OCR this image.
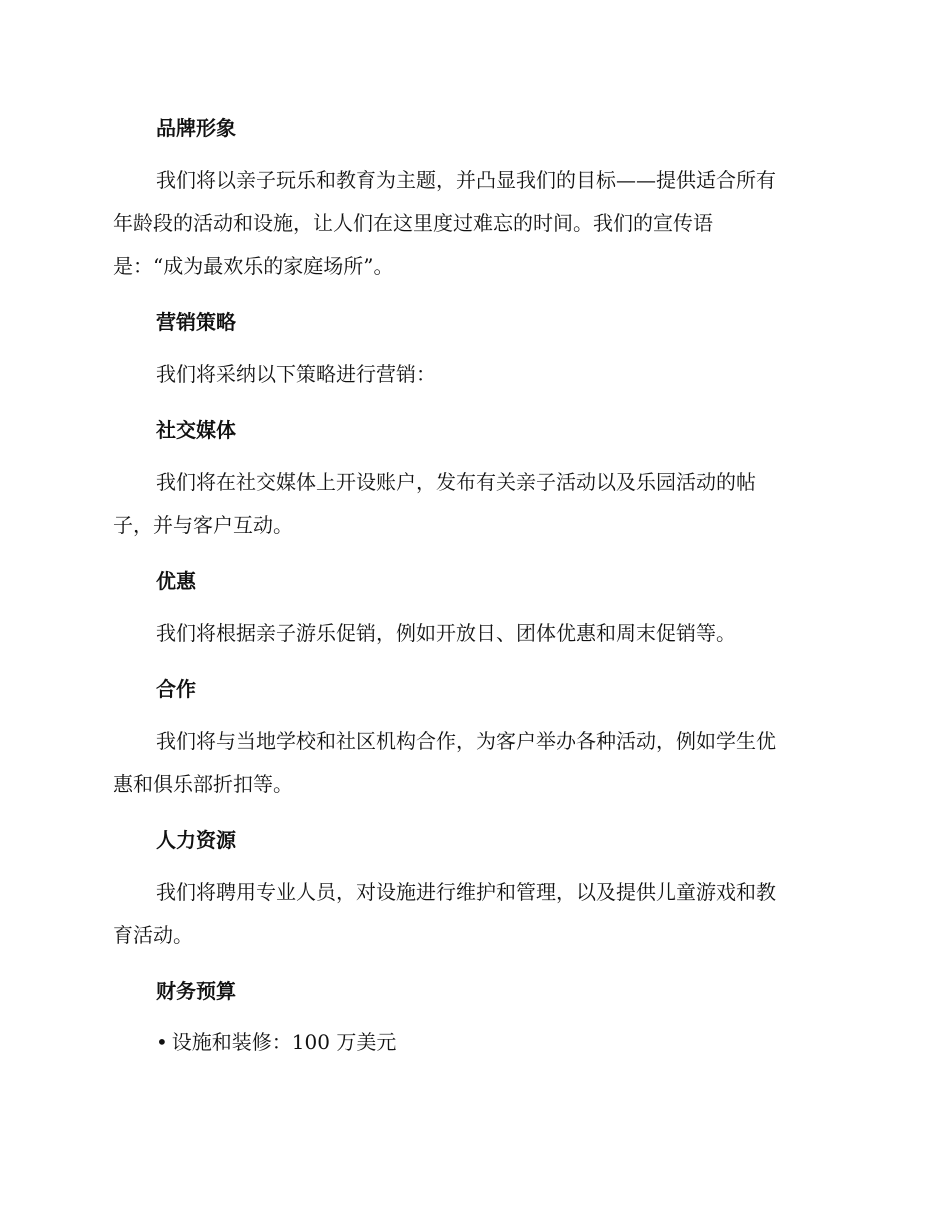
品牌形象

我们将以亲子玩乐和教育为主题，并凸显我们的目标——提供适合所有
年龄段的活动和设施，让人们在这里度过难忘的时间。我们的宣传语
是：“成为最欢乐的家庭场所”。

营销策略

我们将采纳以下策略进行营销：

社交媒体

我们将在社交媒体上开设账户，发布有关亲子活动以及乐园活动的帖
子，并与客户互动。

优惠

我们将根据亲子游乐促销，例如开放日、团体优惠和周末促销等。

合作

我们将与当地学校和社区机构合作，为客户举办各种活动，例如学生优
惠和俱乐部折扣等。

人力资源

我们将聘用专业人员，对设施进行维护和管理，以及提供儿童游戏和教
育活动。

财务预算

• 设施和装修：100 万美元
